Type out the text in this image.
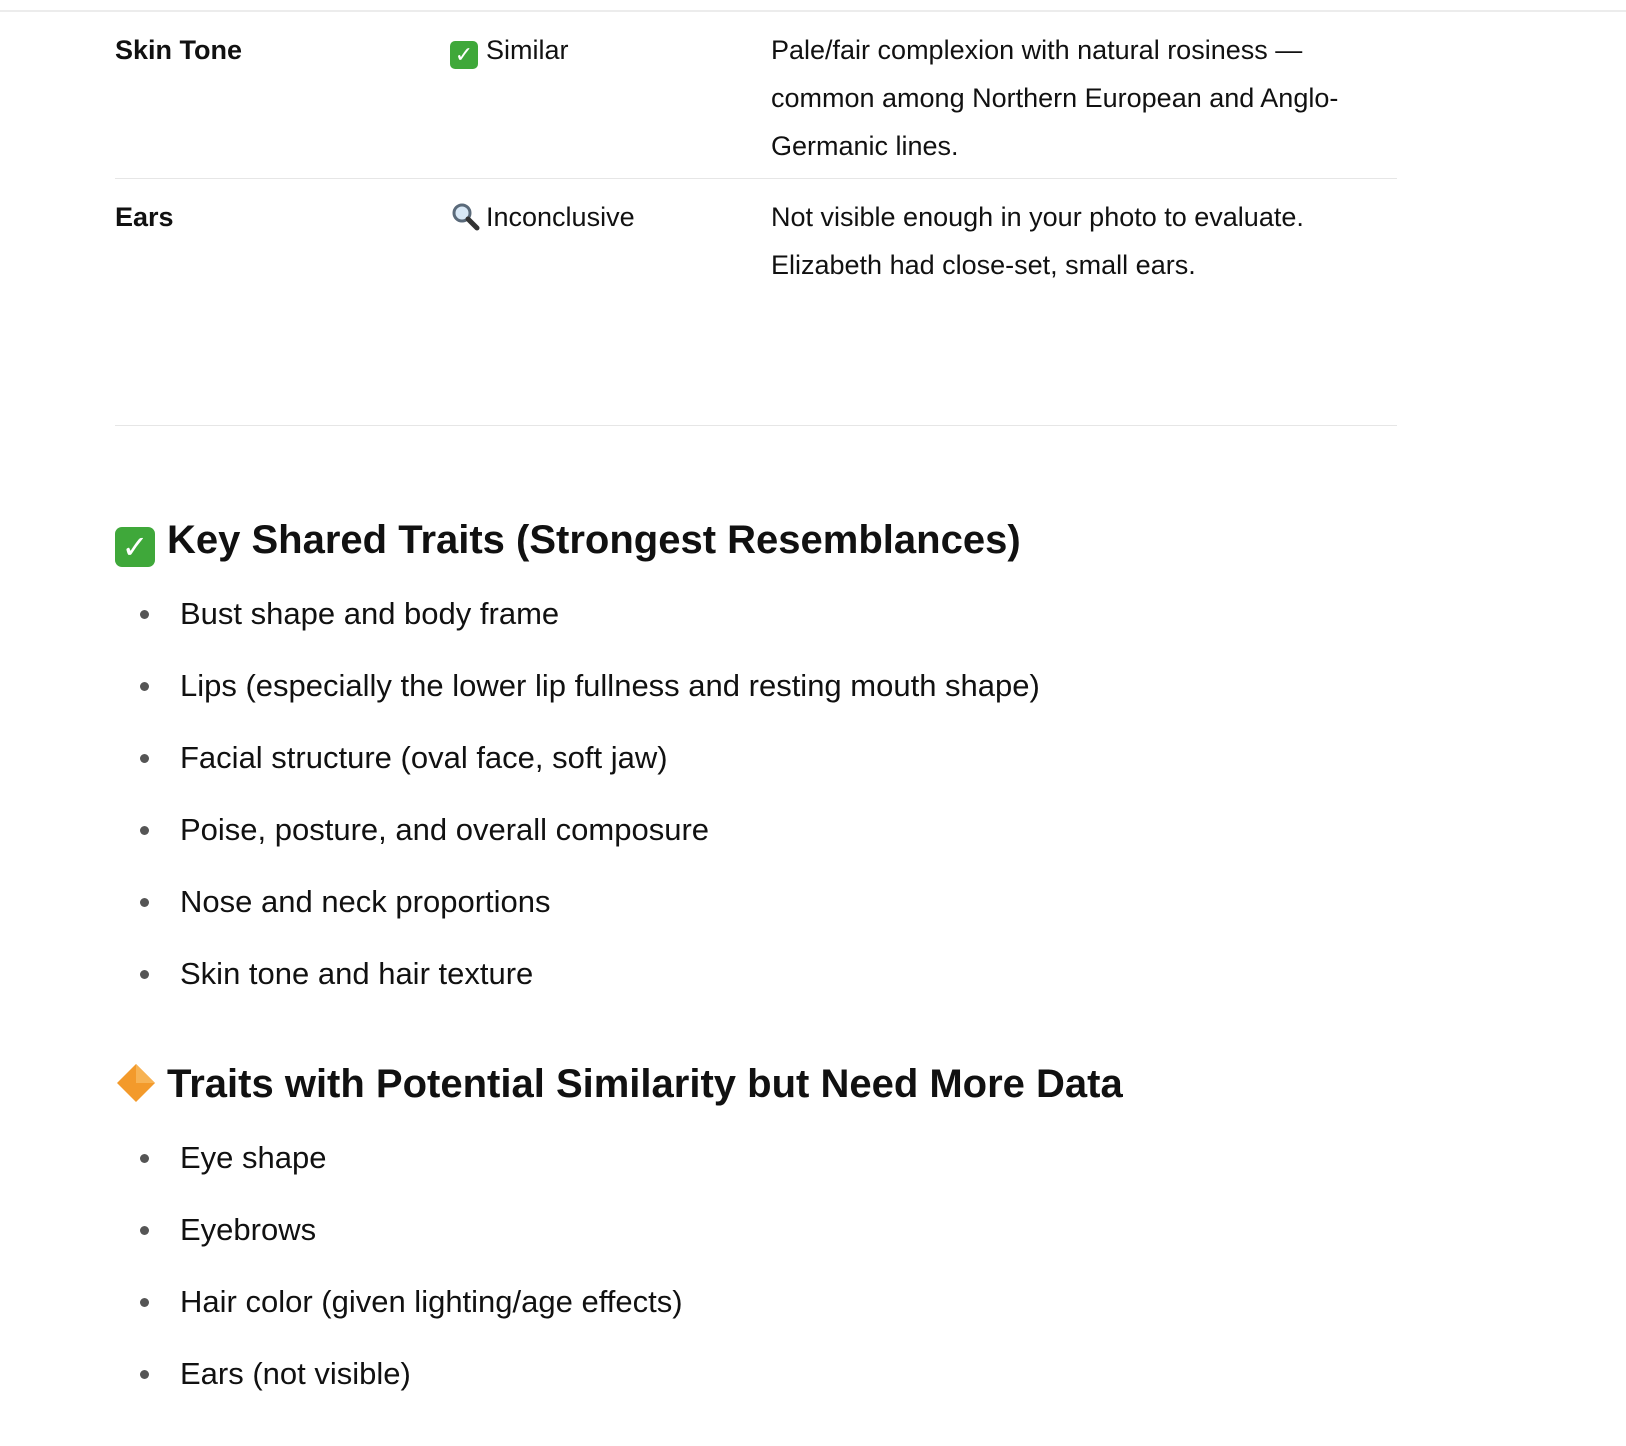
Skin Tone	✓ Similar	Pale/fair complexion with natural rosiness —
common among Northern European and Anglo-
Germanic lines.
Ears	Inconclusive	Not visible enough in your photo to evaluate.
Elizabeth had close-set, small ears.
✓ Key Shared Traits (Strongest Resemblances)
Bust shape and body frame
Lips (especially the lower lip fullness and resting mouth shape)
Facial structure (oval face, soft jaw)
Poise, posture, and overall composure
Nose and neck proportions
Skin tone and hair texture
Traits with Potential Similarity but Need More Data
Eye shape
Eyebrows
Hair color (given lighting/age effects)
Ears (not visible)
